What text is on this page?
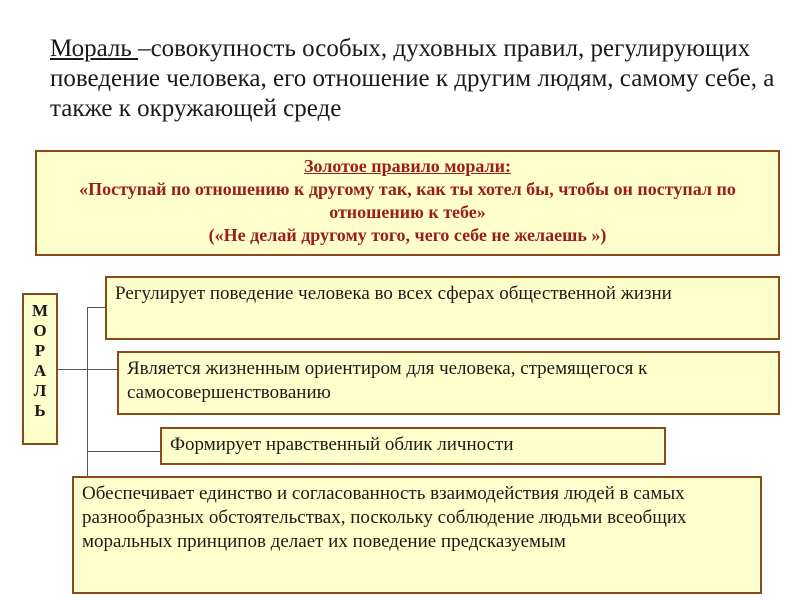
Мораль –совокупность особых, духовных правил, регулирующих поведение человека, его отношение к другим людям, самому себе, а также к окружающей среде
Золотое правило морали:
«Поступай по отношению к другому так, как ты хотел бы, чтобы он поступал по отношению к тебе»
(«Не делай другому того, чего себе не желаешь »)
М
О
Р
А
Л
Ь
Регулирует поведение человека во всех сферах общественной жизни
Является жизненным ориентиром для человека, стремящегося к самосовершенствованию
Формирует нравственный облик личности
Обеспечивает единство и согласованность взаимодействия людей в самых разнообразных обстоятельствах, поскольку соблюдение людьми всеобщих моральных принципов делает их поведение предсказуемым
